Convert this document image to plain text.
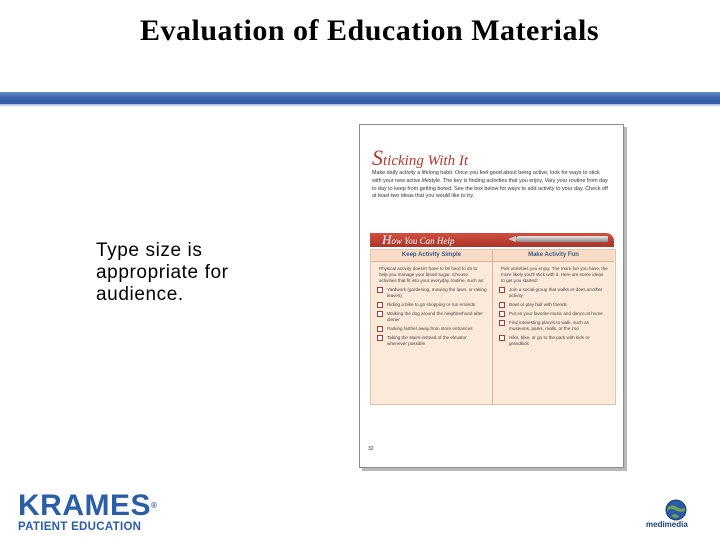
Evaluation of Education Materials
Type size is
appropriate for
audience.
Sticking With It
Make daily activity a lifelong habit. Once you feel good about being active, look for ways to stick with your new active lifestyle. The key is finding activities that you enjoy. Vary your routine from day to day to keep from getting bored. See the box below for ways to add activity to your day. Check off at least two ideas that you would like to try.
How You Can Help
Keep Activity Simple
Physical activity doesn't have to be hard to do to help you manage your blood sugar. Choose activities that fit into your everyday routine, such as:
Yardwork (gardening, mowing the lawn, or raking leaves)
Riding a bike to go shopping or run errands
Walking the dog around the neighborhood after dinner
Parking farther away from store entrances
Taking the stairs instead of the elevator whenever possible
Make Activity Fun
Pick activities you enjoy. The more fun you have, the more likely you'll stick with it. Here are some ideas to get you started:
Join a social group that walks or does another activity
Bowl or play ball with friends
Put on your favorite music and dance at home
Find interesting places to walk, such as museums, parks, malls, or the zoo
Hike, bike, or go to the park with kids or grandkids
32
KRAMES®
PATIENT EDUCATION	medimedia
